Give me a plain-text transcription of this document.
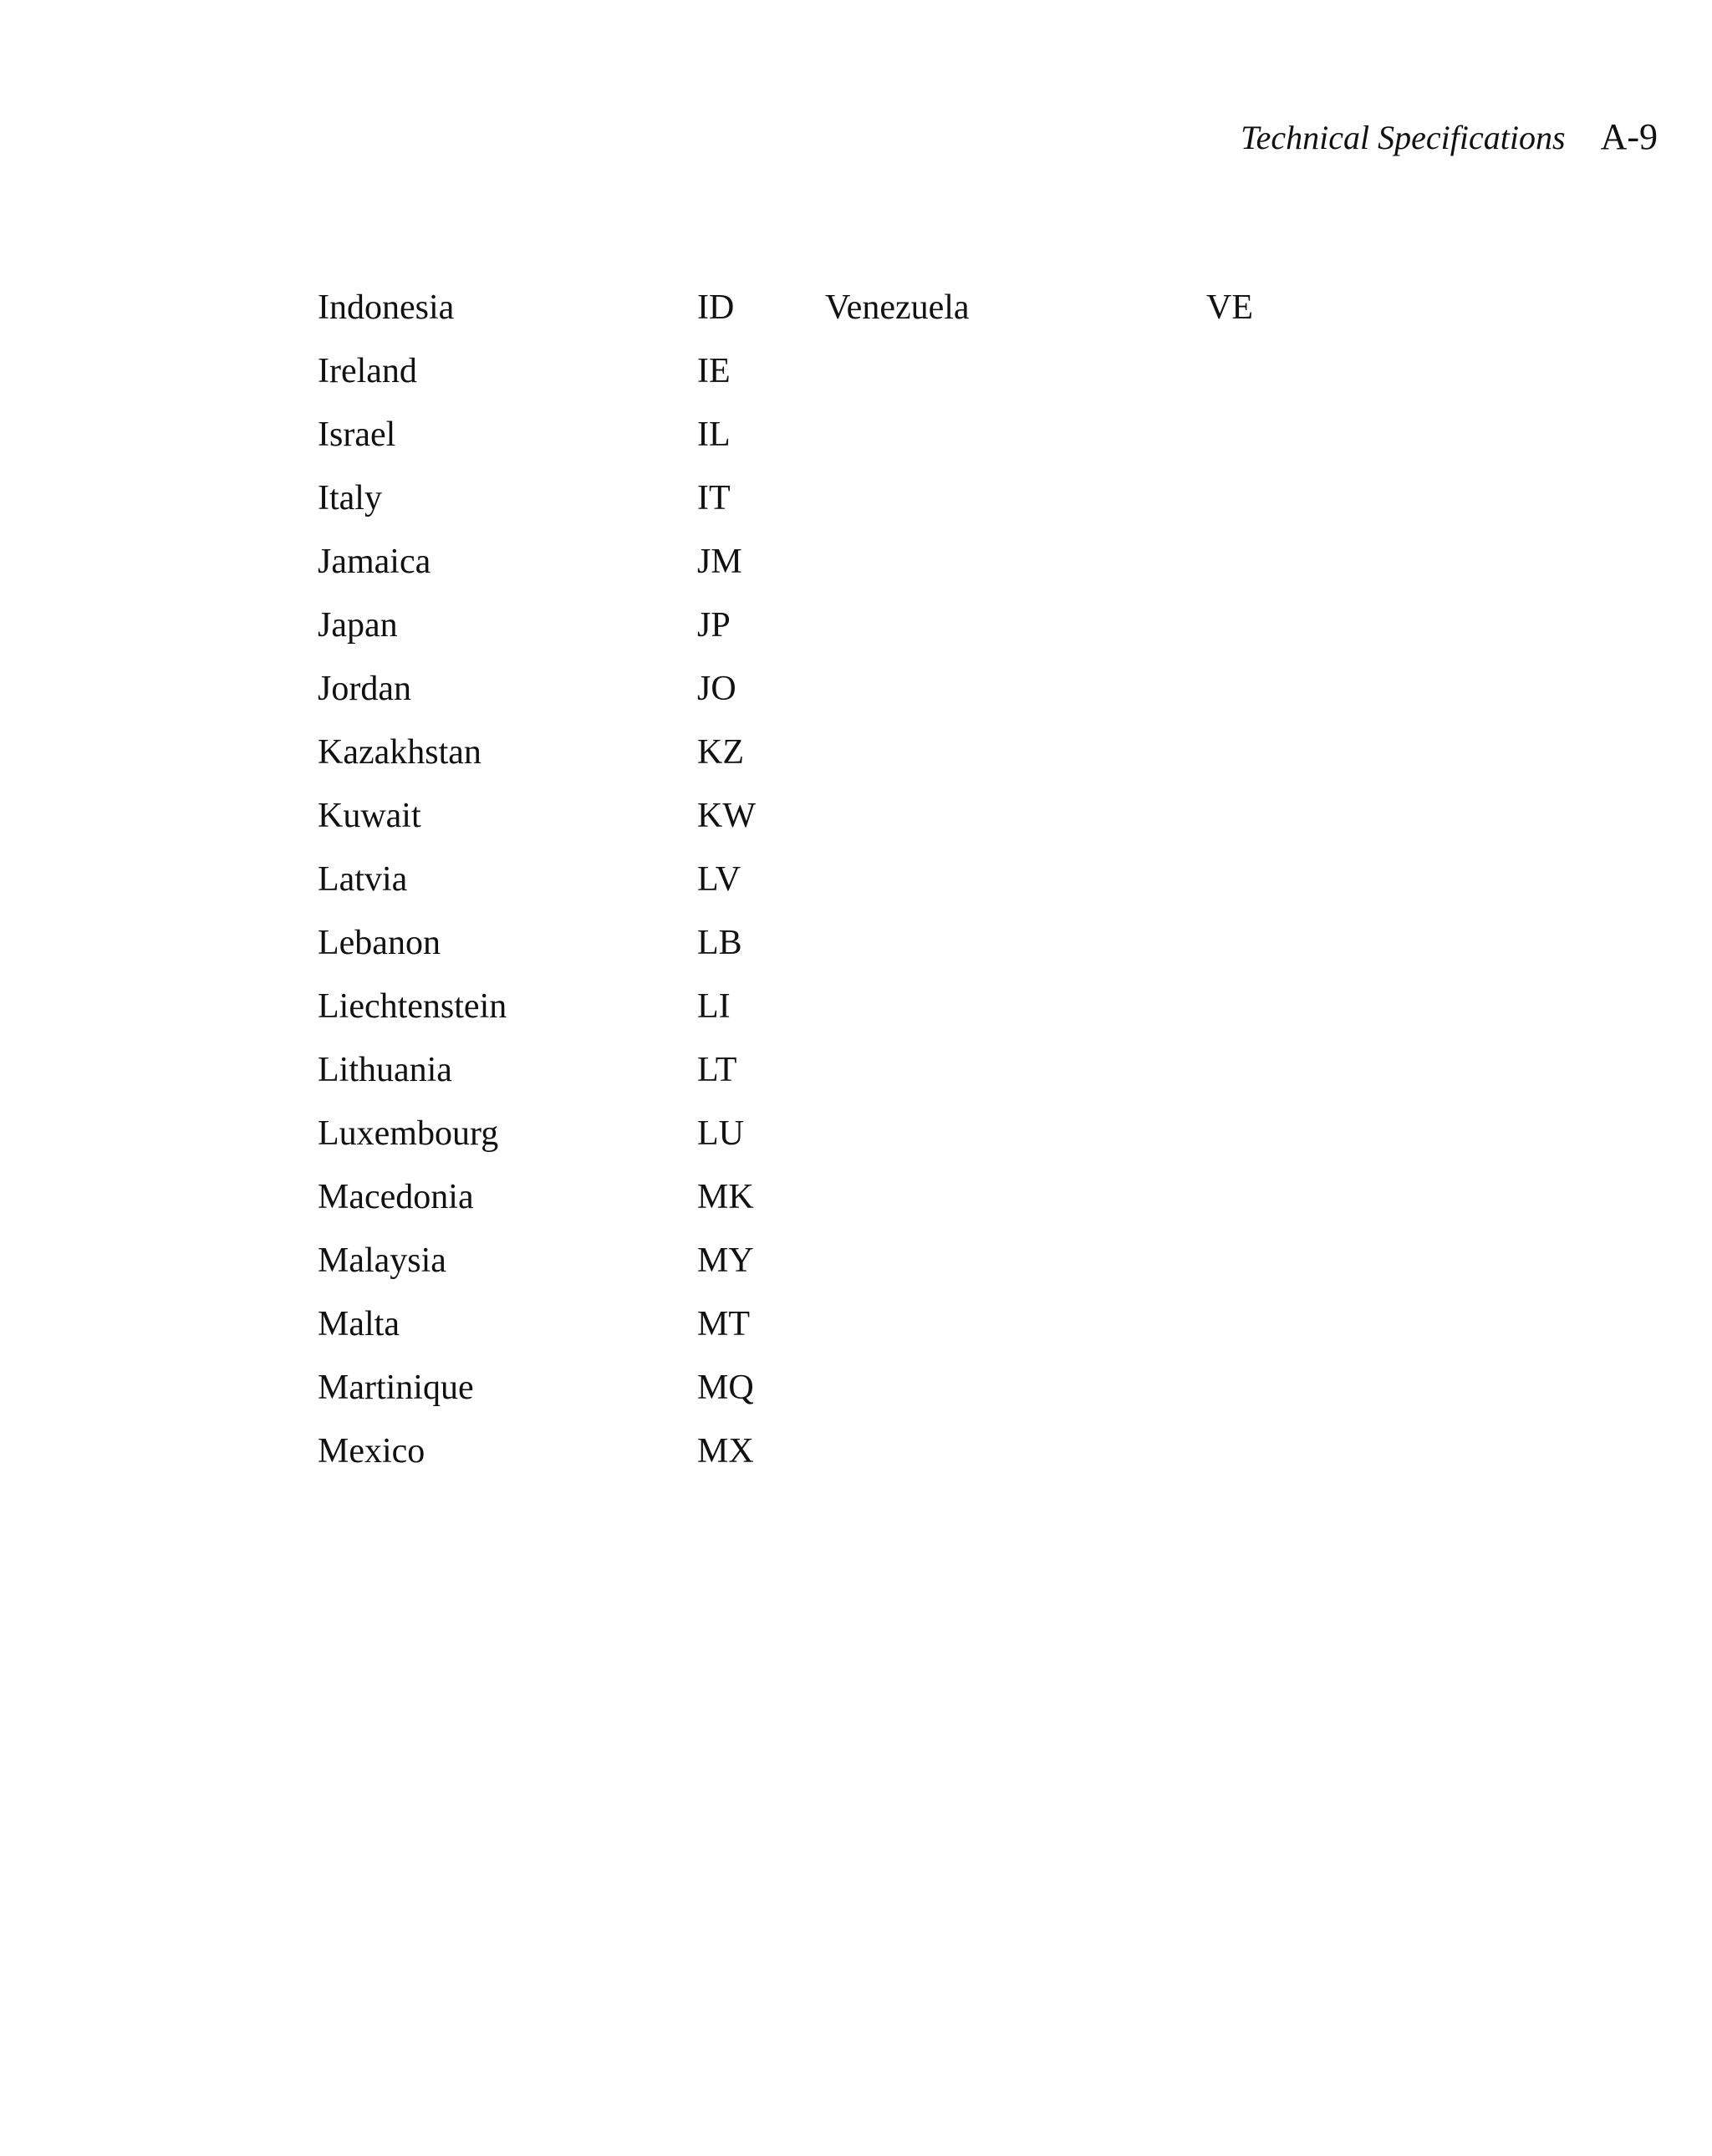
Technical Specifications A-9
Indonesia	ID	Venezuela	VE
Ireland	IE
Israel	IL
Italy	IT
Jamaica	JM
Japan	JP
Jordan	JO
Kazakhstan	KZ
Kuwait	KW
Latvia	LV
Lebanon	LB
Liechtenstein	LI
Lithuania	LT
Luxembourg	LU
Macedonia	MK
Malaysia	MY
Malta	MT
Martinique	MQ
Mexico	MX
